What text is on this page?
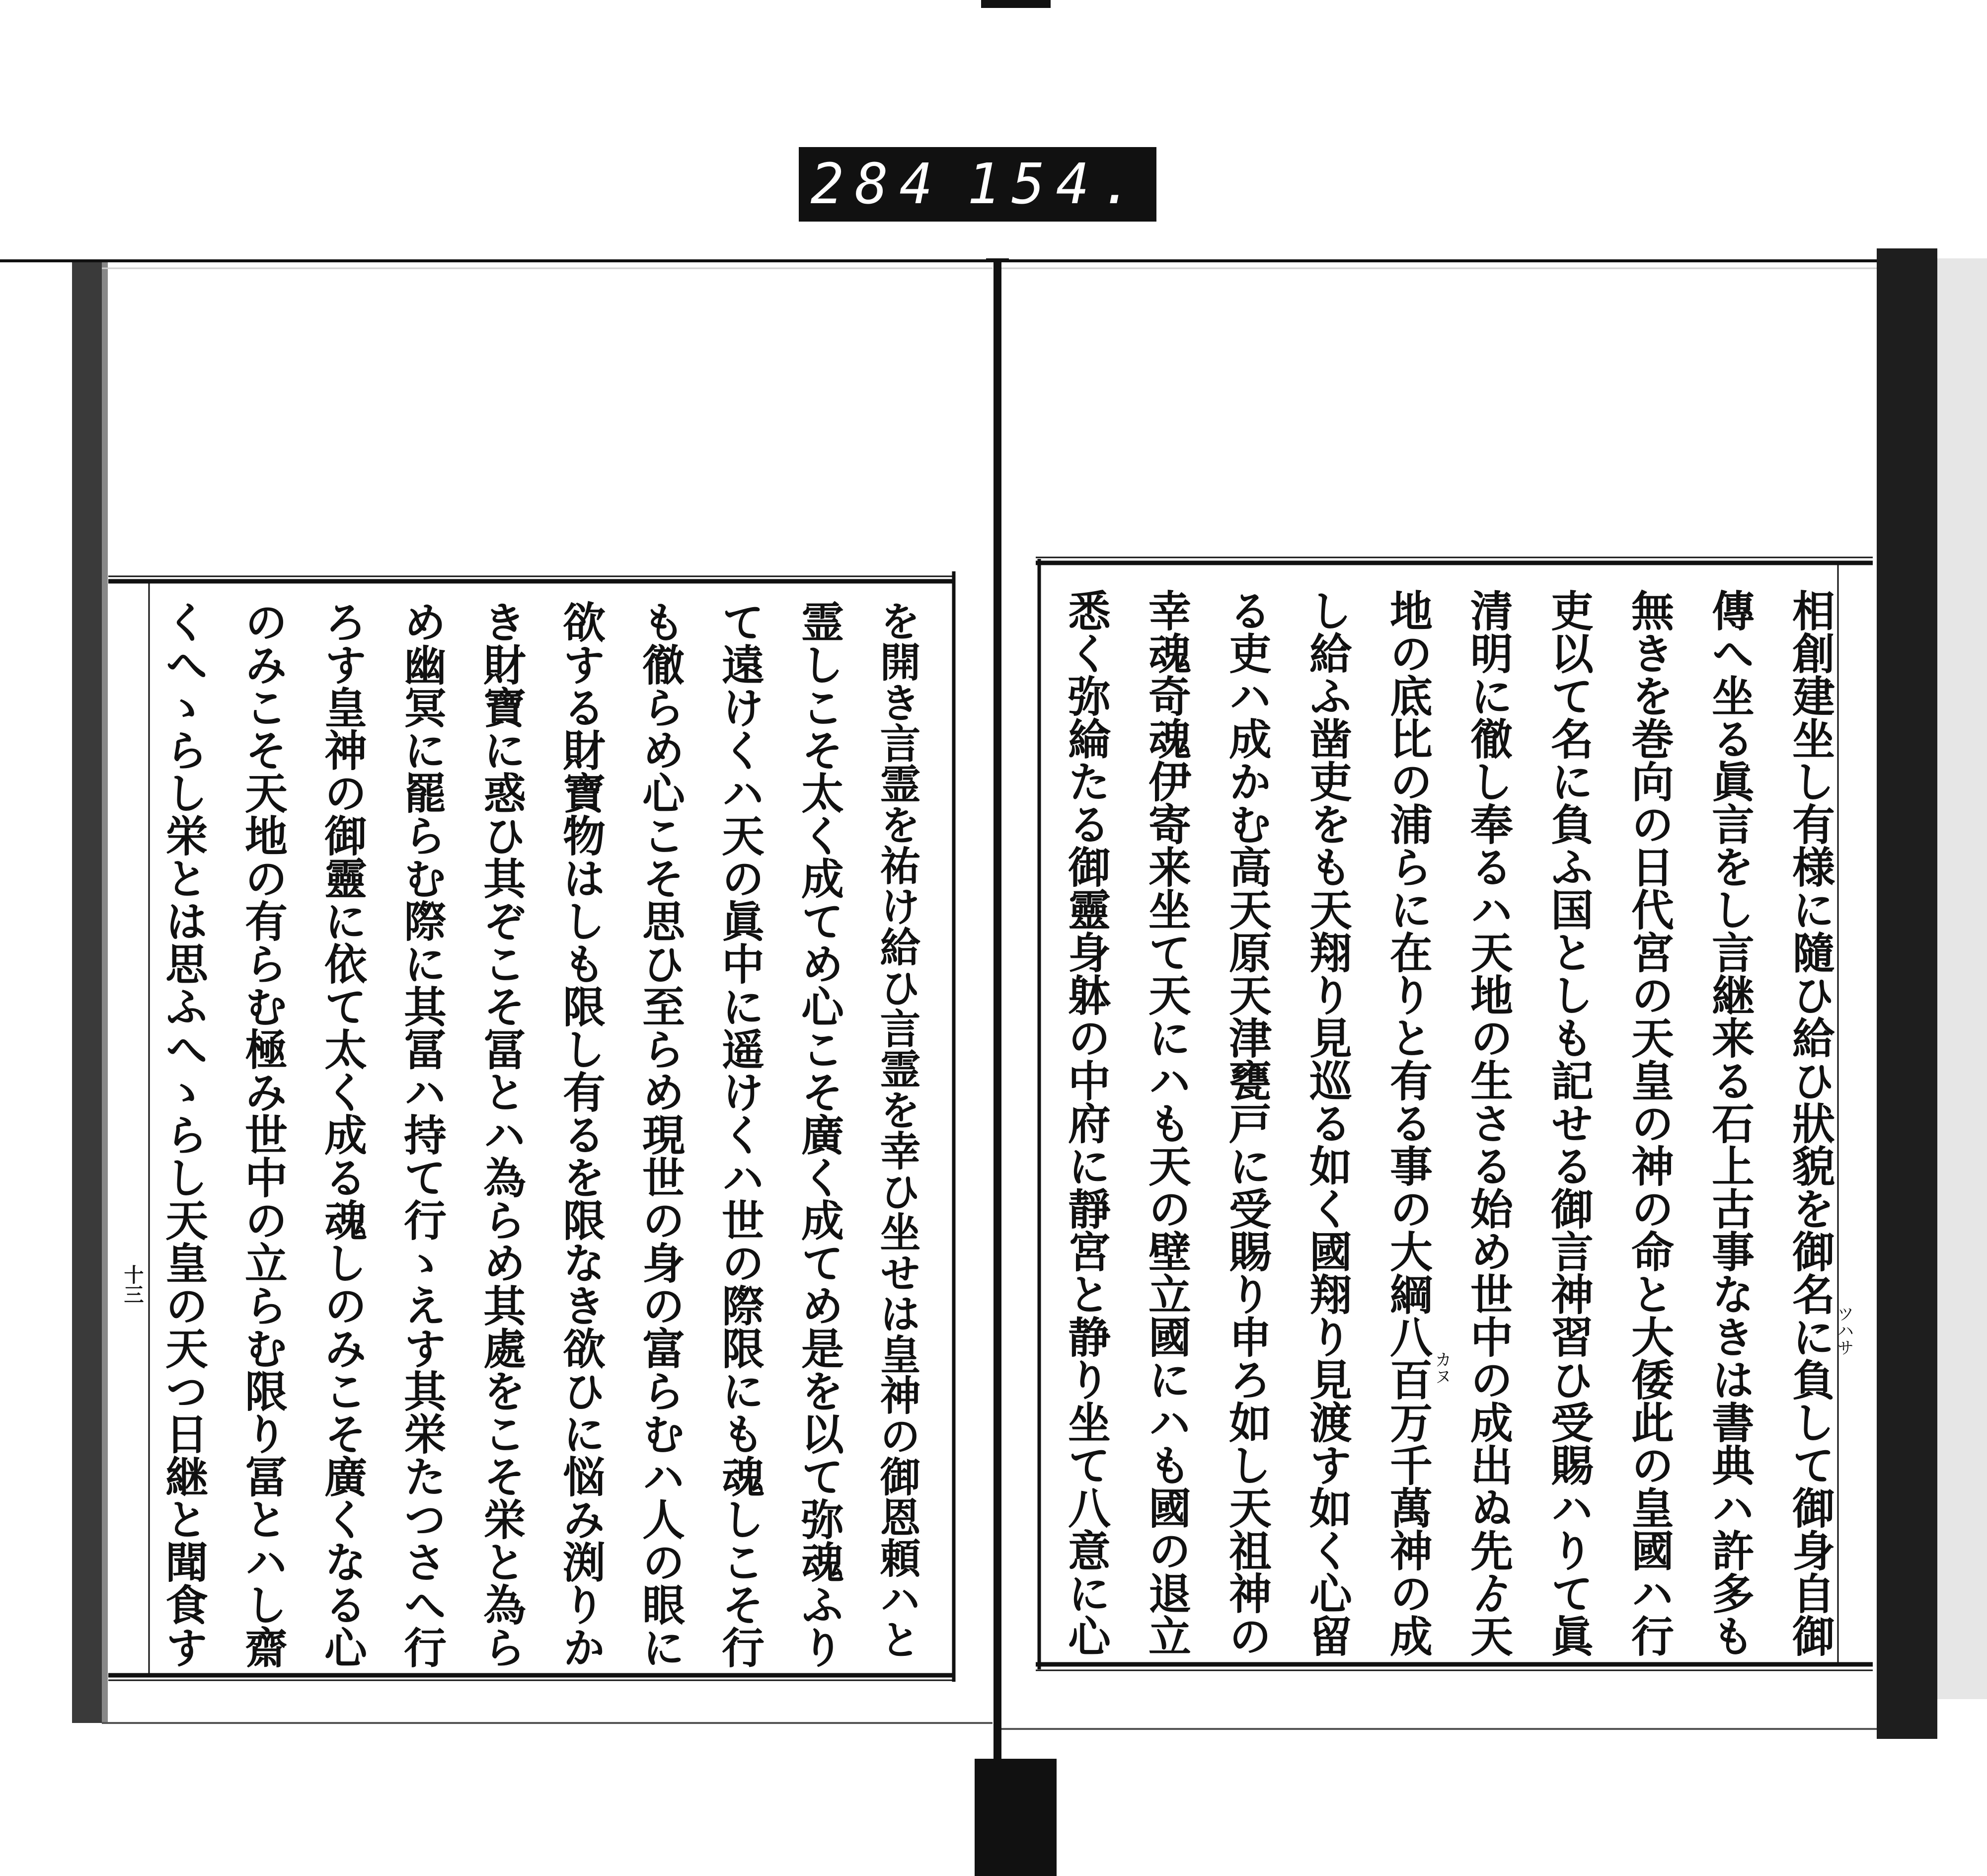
284 154.
相創建坐し有様に隨ひ給ひ狀貌を御名に負して御身自御
傳へ坐る眞言をし言継来る石上古事なきは書典ハ許多も
無きを巻向の日代宮の天皇の神の命と大倭此の皇國ハ行
吏以て名に負ふ国としも記せる御言神習ひ受賜ハりて眞
清明に徹し奉るハ天地の生さる始め世中の成出ぬ先ゟ天
地の底比の浦らに在りと有る事の大綱八百万千萬神の成
し給ふ凿吏をも天翔り見巡る如く國翔り見渡す如く心留
る吏ハ成かむ高天原天津甕戸に受賜り申ろ如し天祖神の
幸魂奇魂伊寄来坐て天にハも天の壁立國にハも國の退立
悉く弥綸たる御靈身躰の中府に靜宮と静り坐て八意に心	ツハサ
カヌ
を開き言霊を祐け給ひ言霊を幸ひ坐せは皇神の御恩頼ハと
霊しこそ太く成てめ心こそ廣く成てめ是を以て弥魂ふり
て遠けくハ天の眞中に遥けくハ世の際限にも魂しこそ行
も徹らめ心こそ思ひ至らめ現世の身の富らむハ人の眼に
欲する財寶物はしも限し有るを限なき欲ひに悩み渕りか
き財寶に惑ひ其ぞこそ冨とハ為らめ其處をこそ栄と為ら
め幽冥に罷らむ際に其冨ハ持て行ゝえす其栄たつさへ行
ろす皇神の御靈に依て太く成る魂しのみこそ廣くなる心
のみこそ天地の有らむ極み世中の立らむ限り冨とハし齋
くへゝらし栄とは思ふへゝらし天皇の天つ日継と聞食す
十三
